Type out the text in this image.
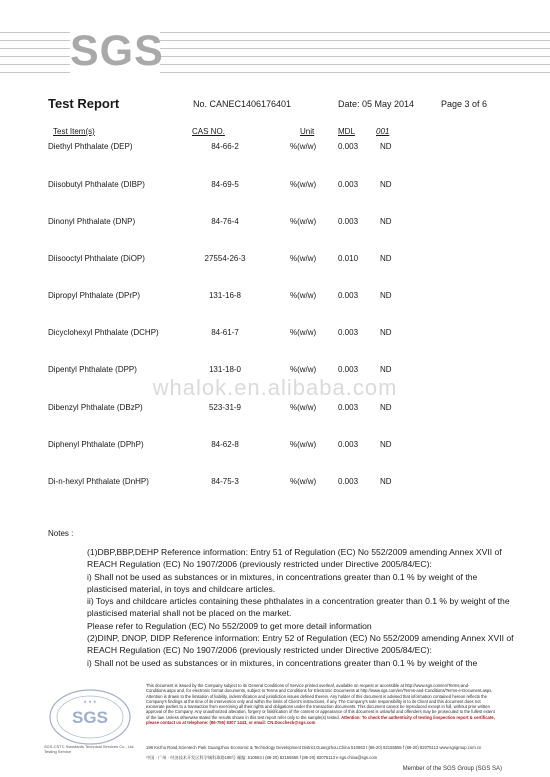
SGS
Test Report	No. CANEC1406176401	Date: 05 May 2014	Page 3 of 6
Test Item(s)	CAS NO.	Unit	MDL	001
Diethyl Phthalate (DEP)	84-66-2	%(w/w)	0.003	ND
Diisobutyl Phthalate (DIBP)	84-69-5	%(w/w)	0.003	ND
Dinonyl Phthalate (DNP)	84-76-4	%(w/w)	0.003	ND
Diisooctyl Phthalate (DiOP)	27554-26-3	%(w/w)	0.010	ND
Dipropyl Phthalate (DPrP)	131-16-8	%(w/w)	0.003	ND
Dicyclohexyl Phthalate (DCHP)	84-61-7	%(w/w)	0.003	ND
Dipentyl Phthalate (DPP)	131-18-0	%(w/w)	0.003	ND
Dibenzyl Phthalate (DBzP)	523-31-9	%(w/w)	0.003	ND
Diphenyl Phthalate (DPhP)	84-62-8	%(w/w)	0.003	ND
Di-n-hexyl Phthalate (DnHP)	84-75-3	%(w/w)	0.003	ND
whalok.en.alibaba.com
Notes :

(1)DBP,BBP,DEHP Reference information: Entry 51 of Regulation (EC) No 552/2009 amending Annex XVII of REACH Regulation (EC) No 1907/2006 (previously restricted under Directive 2005/84/EC):

i) Shall not be used as substances or in mixtures, in concentrations greater than 0.1 % by weight of the plasticised material, in toys and childcare articles.

ii) Toys and childcare articles containing these phthalates in a concentration greater than 0.1 % by weight of the plasticised material shall not be placed on the market.

Please refer to Regulation (EC) No 552/2009 to get more detail information

(2)DINP, DNOP, DIDP Reference information: Entry 52 of Regulation (EC) No 552/2009 amending Annex XVII of REACH Regulation (EC) No 1907/2006 (previously restricted under Directive 2005/84/EC):

i) Shall not be used as substances or in mixtures, in concentrations greater than 0.1 % by weight of the

SGS
★ ★ ★
SGS-CSTC Standards Technical Services Co., Ltd.
Testing Service
This document is issued by the Company subject to its General Conditions of Service printed overleaf, available on request or accessible at http://www.sgs.com/en/Terms-and-Conditions.aspx and, for electronic format documents, subject to Terms and Conditions for Electronic Documents at http://www.sgs.com/en/Terms-and-Conditions/Terms-e-Document.aspx. Attention is drawn to the limitation of liability, indemnification and jurisdiction issues defined therein. Any holder of this document is advised that information contained hereon reflects the Company's findings at the time of its intervention only and within the limits of Client's instructions, if any. The Company's sole responsibility is to its Client and this document does not exonerate parties to a transaction from exercising all their rights and obligations under the transaction documents. This document cannot be reproduced except in full, without prior written approval of the Company. Any unauthorized alteration, forgery or falsification of the content or appearance of this document is unlawful and offenders may be prosecuted to the fullest extent of the law. Unless otherwise stated the results shown in this test report refer only to the sample(s) tested. Attention: To check the authenticity of testing /inspection report & certificate, please contact us at telephone: (86-755) 8307 1443, or email: CN.Doccheck@sgs.com
198 Kezhu Road,Scientech Park Guangzhou Economic & Technology Development District,Guangzhou,China 510663 t (86-20) 82155555 f (86-20) 82075113 www.sgsgroup.com.cn
中国 · 广州 · 经济技术开发区科学城科珠路198号 邮编: 510663 t (86-20) 82155555 f (86-20) 82075113 e sgs.china@sgs.com
Member of the SGS Group (SGS SA)
